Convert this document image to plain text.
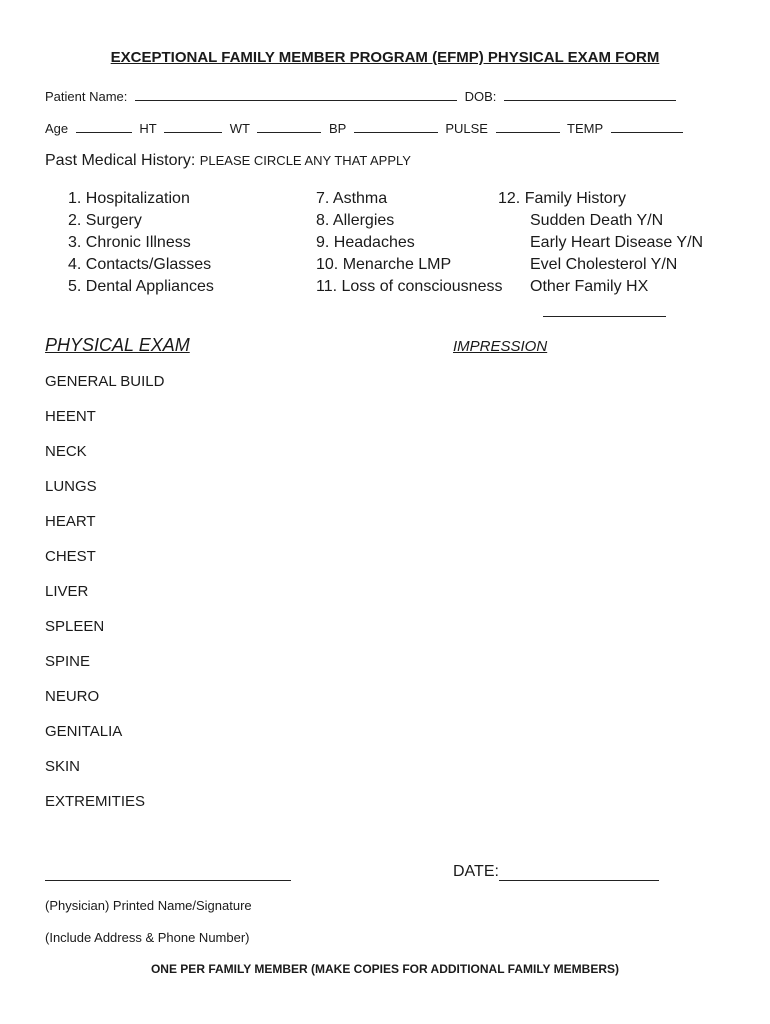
EXCEPTIONAL FAMILY MEMBER PROGRAM (EFMP) PHYSICAL EXAM FORM
Patient Name:	DOB:
Age	HT	WT	BP	PULSE	TEMP
Past Medical History: PLEASE CIRCLE ANY THAT APPLY
1. Hospitalization
2. Surgery
3. Chronic Illness
4. Contacts/Glasses
5. Dental Appliances
7. Asthma
8. Allergies
9. Headaches
10. Menarche LMP
11. Loss of consciousness
12. Family History
Sudden Death Y/N
Early Heart Disease Y/N
Evel Cholesterol Y/N
Other Family HX
PHYSICAL EXAM	IMPRESSION
GENERAL BUILD
HEENT
NECK
LUNGS
HEART
CHEST
LIVER
SPLEEN
SPINE
NEURO
GENITALIA
SKIN
EXTREMITIES
DATE:
(Physician) Printed Name/Signature
(Include Address & Phone Number)
ONE PER FAMILY MEMBER (MAKE COPIES FOR ADDITIONAL FAMILY MEMBERS)
